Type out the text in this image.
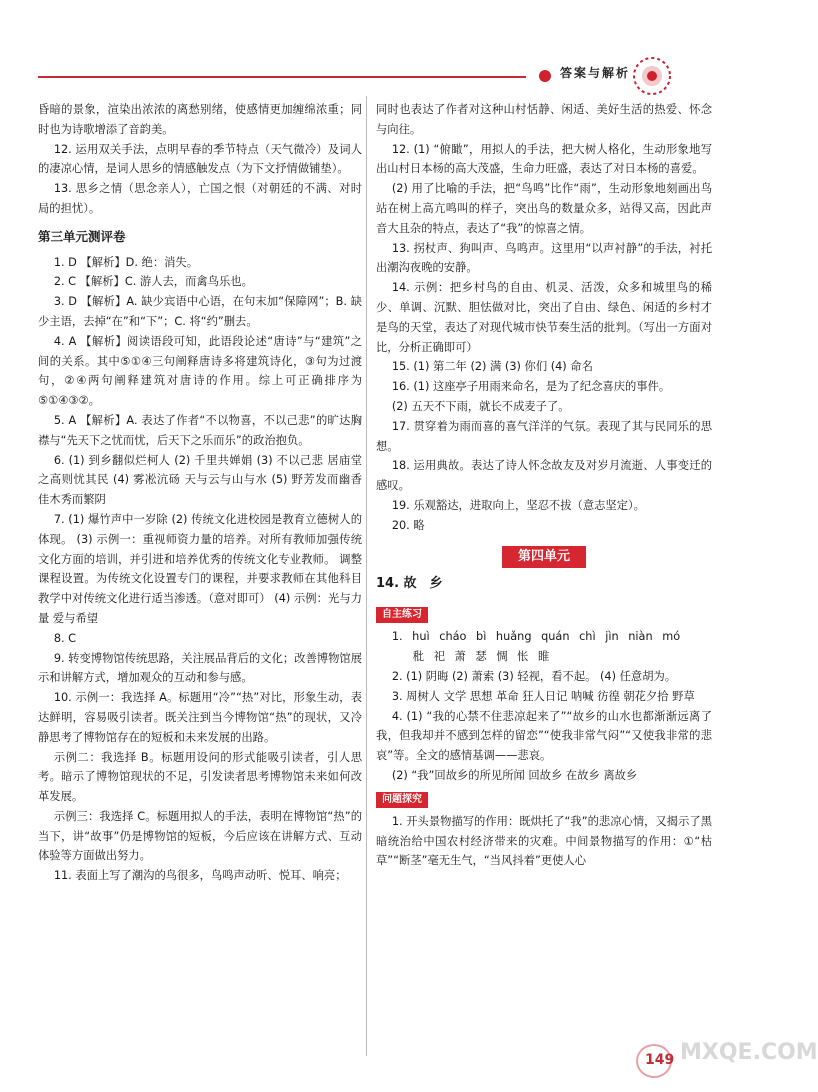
答案与解析

昏暗的景象，渲染出浓浓的离愁别绪，使感情更加缠绵浓重；同时也为诗歌增添了音韵美。

12. 运用双关手法，点明早春的季节特点（天气微冷）及词人的凄凉心情，是词人思乡的情感触发点（为下文抒情做铺垫）。

13. 思乡之情（思念亲人），亡国之恨（对朝廷的不满、对时局的担忧）。

第三单元测评卷

1. D 【解析】D. 绝：消失。

2. C 【解析】C. 游人去，而禽鸟乐也。

3. D 【解析】A. 缺少宾语中心语，在句末加“保障网”；B. 缺少主语，去掉“在”和“下”；C. 将“约”删去。

4. A 【解析】阅读语段可知，此语段论述“唐诗”与“建筑”之间的关系。其中⑤①④三句阐释唐诗多将建筑诗化，③句为过渡句，②④两句阐释建筑对唐诗的作用。综上可正确排序为⑤①④③②。

5. A 【解析】A. 表达了作者“不以物喜，不以己悲”的旷达胸襟与“先天下之忧而忧，后天下之乐而乐”的政治抱负。

6. (1) 到乡翻似烂柯人 (2) 千里共婵娟 (3) 不以己悲 居庙堂之高则忧其民 (4) 雾凇沆砀 天与云与山与水 (5) 野芳发而幽香 佳木秀而繁阴

7. (1) 爆竹声中一岁除 (2) 传统文化进校园是教育立德树人的体现。 (3) 示例一：重视师资力量的培养。对所有教师加强传统文化方面的培训，并引进和培养优秀的传统文化专业教师。 调整课程设置。为传统文化设置专门的课程，并要求教师在其他科目教学中对传统文化进行适当渗透。（意对即可） (4) 示例：光与力量 爱与希望

8. C

9. 转变博物馆传统思路，关注展品背后的文化；改善博物馆展示和讲解方式，增加观众的互动和参与感。

10. 示例一：我选择 A。标题用“冷”“热”对比，形象生动，表达鲜明，容易吸引读者。既关注到当今博物馆“热”的现状，又冷静思考了博物馆存在的短板和未来发展的出路。

示例二：我选择 B。标题用设问的形式能吸引读者，引人思考。暗示了博物馆现状的不足，引发读者思考博物馆未来如何改革发展。

示例三：我选择 C。标题用拟人的手法，表明在博物馆“热”的当下，讲“故事”仍是博物馆的短板，今后应该在讲解方式、互动体验等方面做出努力。

11. 表面上写了潮沟的鸟很多，鸟鸣声动听、悦耳、响亮；

同时也表达了作者对这种山村恬静、闲适、美好生活的热爱、怀念与向往。

12. (1) “俯瞰”，用拟人的手法，把大树人格化，生动形象地写出山村日本杨的高大茂盛，生命力旺盛，表达了对日本杨的喜爱。

(2) 用了比喻的手法，把“鸟鸣”比作“雨”，生动形象地刻画出鸟站在树上高亢鸣叫的样子，突出鸟的数量众多，站得又高，因此声音大且杂的特点，表达了“我”的惊喜之情。

13. 拐杖声、狗叫声、鸟鸣声。这里用“以声衬静”的手法，衬托出潮沟夜晚的安静。

14. 示例：把乡村鸟的自由、机灵、活泼，众多和城里鸟的稀少、单调、沉默、胆怯做对比，突出了自由、绿色、闲适的乡村才是鸟的天堂，表达了对现代城市快节奏生活的批判。（写出一方面对比，分析正确即可）

15. (1) 第二年 (2) 满 (3) 你们 (4) 命名

16. (1) 这座亭子用雨来命名，是为了纪念喜庆的事件。

(2) 五天不下雨，就长不成麦子了。

17. 贯穿着为雨而喜的喜气洋洋的气氛。表现了其与民同乐的思想。

18. 运用典故。表达了诗人怀念故友及对岁月流逝、人事变迁的感叹。

19. 乐观豁达，进取向上，坚忍不拔（意志坚定）。

20. 略

第四单元

14. 故　乡

自主练习

1. huì cháo bì huǎng quán chì jìn niàn mó

　 秕 祀 萧 瑟 惆 怅 睢

2. (1) 阴晦 (2) 萧索 (3) 轻视，看不起。 (4) 任意胡为。

3. 周树人 文学 思想 革命 狂人日记 呐喊 彷徨 朝花夕拾 野草

4. (1) “我的心禁不住悲凉起来了”“故乡的山水也都渐渐远离了我，但我却并不感到怎样的留恋”“使我非常气闷”“又使我非常的悲哀”等。全文的感情基调——悲哀。

(2) “我”回故乡的所见所闻 回故乡 在故乡 离故乡

问题探究

1. 开头景物描写的作用：既烘托了“我”的悲凉心情，又揭示了黑暗统治给中国农村经济带来的灾难。中间景物描写的作用：①“枯草”“断茎”毫无生气，“当风抖着”更使人心

149 MXQE.COM
